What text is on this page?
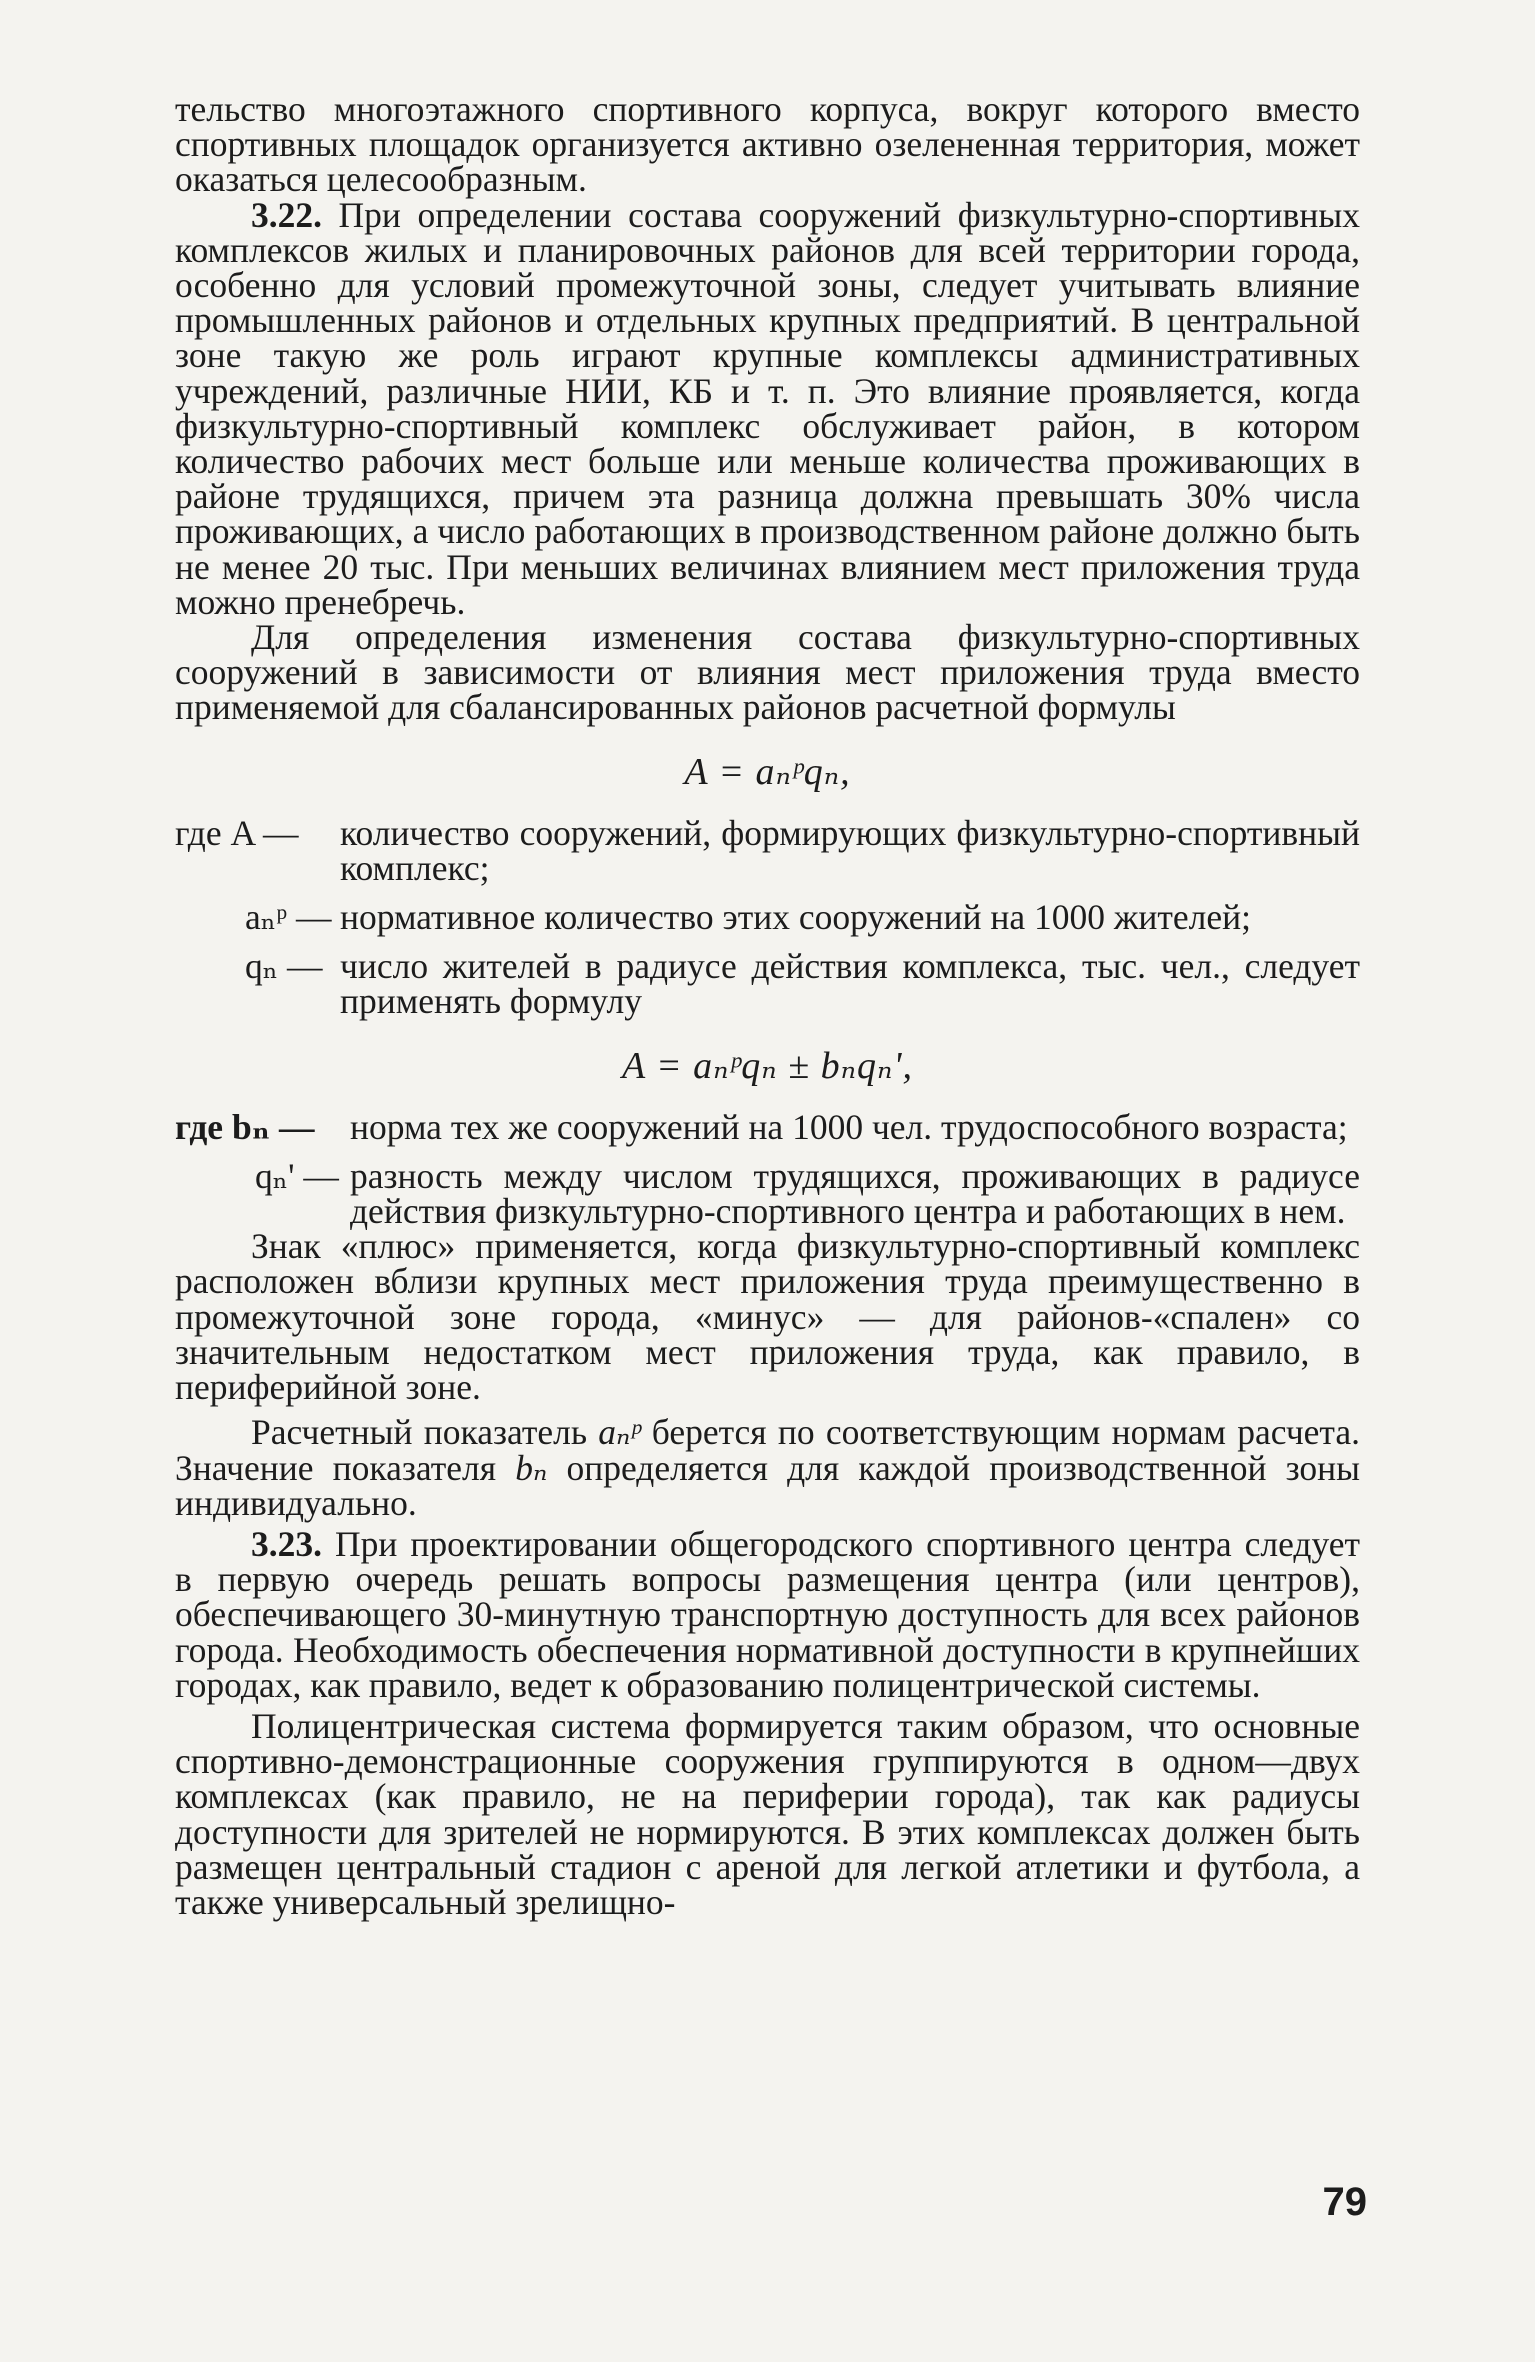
тельство многоэтажного спортивного корпуса, вокруг которого вместо спортивных площадок организуется активно озелененная территория, может оказаться целесообразным.

3.22. При определении состава сооружений физкультурно-спортивных комплексов жилых и планировочных районов для всей территории города, особенно для условий промежуточной зоны, следует учитывать влияние промышленных районов и отдельных крупных предприятий. В центральной зоне такую же роль играют крупные комплексы административных учреждений, различные НИИ, КБ и т. п. Это влияние проявляется, когда физкультурно-спортивный комплекс обслуживает район, в котором количество рабочих мест больше или меньше количества проживающих в районе трудящихся, причем эта разница должна превышать 30% числа проживающих, а число работающих в производственном районе должно быть не менее 20 тыс. При меньших величинах влиянием мест приложения труда можно пренебречь.

Для определения изменения состава физкультурно-спортивных сооружений в зависимости от влияния мест приложения труда вместо применяемой для сбалансированных районов расчетной формулы

A = aₙᵖqₙ,
где A —	количество сооружений, формирующих физкультурно-спортивный комплекс;
aₙᵖ — нормативное количество этих сооружений на 1000 жителей;
qₙ — число жителей в радиусе действия комплекса, тыс. чел., следует применять формулу
A = aₙᵖqₙ ± bₙqₙ',
где bₙ —	норма тех же сооружений на 1000 чел. трудоспособного возраста;
qₙ' — разность между числом трудящихся, проживающих в радиусе действия физкультурно-спортивного центра и работающих в нем.

Знак «плюс» применяется, когда физкультурно-спортивный комплекс расположен вблизи крупных мест приложения труда преимущественно в промежуточной зоне города, «минус» — для районов-«спален» со значительным недостатком мест приложения труда, как правило, в периферийной зоне.

Расчетный показатель aₙᵖ берется по соответствующим нормам расчета. Значение показателя bₙ определяется для каждой производственной зоны индивидуально.

3.23. При проектировании общегородского спортивного центра следует в первую очередь решать вопросы размещения центра (или центров), обеспечивающего 30-минутную транспортную доступность для всех районов города. Необходимость обеспечения нормативной доступности в крупнейших городах, как правило, ведет к образованию полицентрической системы.

Полицентрическая система формируется таким образом, что основные спортивно-демонстрационные сооружения группируются в одном—двух комплексах (как правило, не на периферии города), так как радиусы доступности для зрителей не нормируются. В этих комплексах должен быть размещен центральный стадион с ареной для легкой атлетики и футбола, а также универсальный зрелищно-

79
